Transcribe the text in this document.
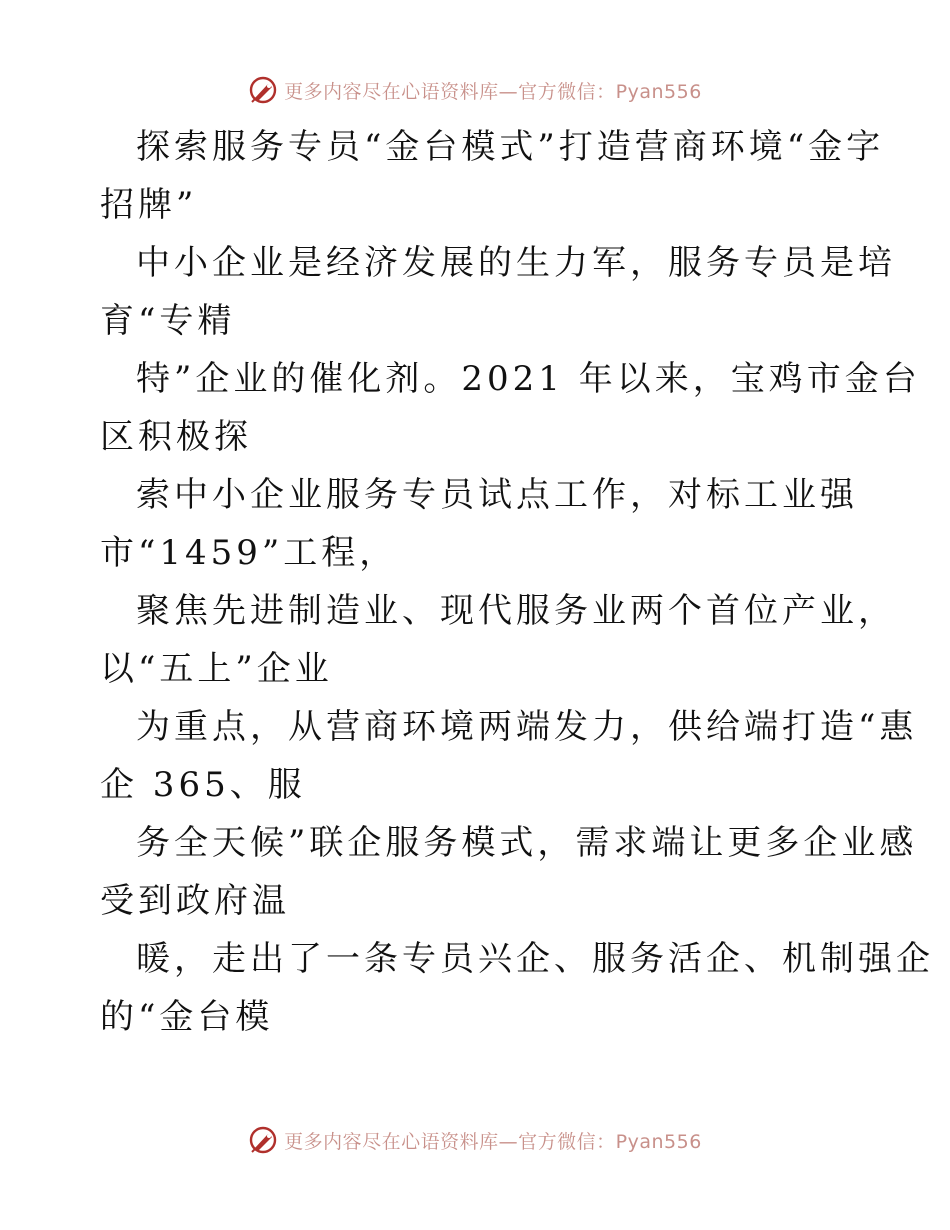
更多内容尽在心语资料库—官方微信：Pyan556
探索服务专员“金台模式”打造营商环境“金字
招牌”
中小企业是经济发展的生力军，服务专员是培
育“专精
特”企业的催化剂。2021 年以来，宝鸡市金台
区积极探
索中小企业服务专员试点工作，对标工业强
市“1459”工程，
聚焦先进制造业、现代服务业两个首位产业，
以“五上”企业
为重点，从营商环境两端发力，供给端打造“惠
企 365、服
务全天候”联企服务模式，需求端让更多企业感
受到政府温
暖，走出了一条专员兴企、服务活企、机制强企
的“金台模
更多内容尽在心语资料库—官方微信：Pyan556
